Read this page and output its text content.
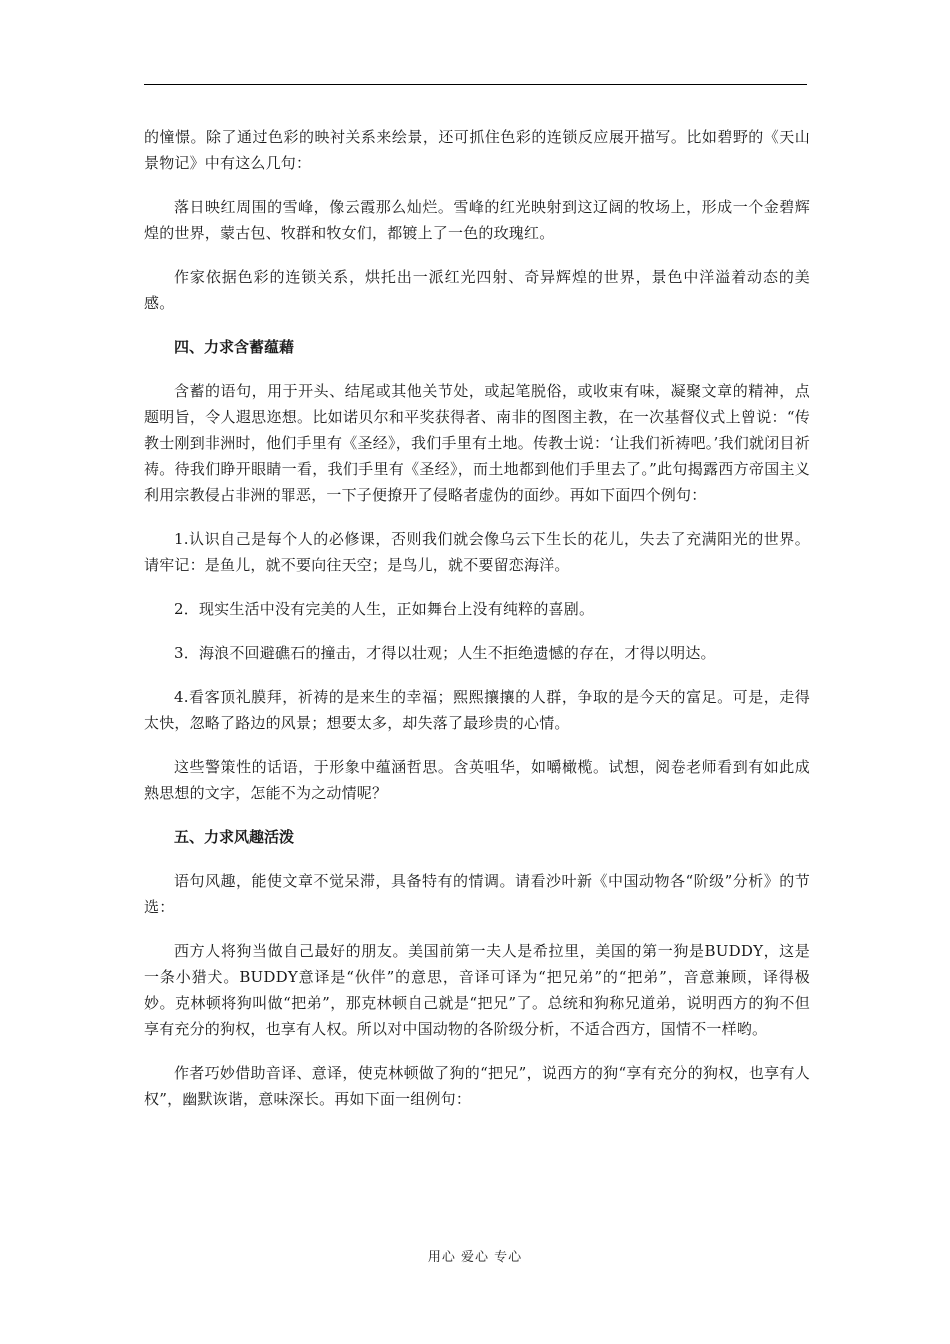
的憧憬。除了通过色彩的映衬关系来绘景，还可抓住色彩的连锁反应展开描写。比如碧野的《天山景物记》中有这么几句：

落日映红周围的雪峰，像云霞那么灿烂。雪峰的红光映射到这辽阔的牧场上，形成一个金碧辉煌的世界，蒙古包、牧群和牧女们，都镀上了一色的玫瑰红。

作家依据色彩的连锁关系，烘托出一派红光四射、奇异辉煌的世界，景色中洋溢着动态的美感。

四、力求含蓄蕴藉

含蓄的语句，用于开头、结尾或其他关节处，或起笔脱俗，或收束有味，凝聚文章的精神，点题明旨，令人遐思迩想。比如诺贝尔和平奖获得者、南非的图图主教，在一次基督仪式上曾说：“传教士刚到非洲时，他们手里有《圣经》，我们手里有土地。传教士说：‘让我们祈祷吧。’我们就闭目祈祷。待我们睁开眼睛一看，我们手里有《圣经》，而土地都到他们手里去了。”此句揭露西方帝国主义利用宗教侵占非洲的罪恶，一下子便撩开了侵略者虚伪的面纱。再如下面四个例句：

1.认识自己是每个人的必修课，否则我们就会像乌云下生长的花儿，失去了充满阳光的世界。请牢记：是鱼儿，就不要向往天空；是鸟儿，就不要留恋海洋。

2．现实生活中没有完美的人生，正如舞台上没有纯粹的喜剧。

3．海浪不回避礁石的撞击，才得以壮观；人生不拒绝遗憾的存在，才得以明达。

4.看客顶礼膜拜，祈祷的是来生的幸福；熙熙攘攘的人群，争取的是今天的富足。可是，走得太快，忽略了路边的风景；想要太多，却失落了最珍贵的心情。

这些警策性的话语，于形象中蕴涵哲思。含英咀华，如嚼橄榄。试想，阅卷老师看到有如此成熟思想的文字，怎能不为之动情呢？

五、力求风趣活泼

语句风趣，能使文章不觉呆滞，具备特有的情调。请看沙叶新《中国动物各“阶级”分析》的节选：

西方人将狗当做自己最好的朋友。美国前第一夫人是希拉里，美国的第一狗是BUDDY，这是一条小猎犬。BUDDY意译是“伙伴”的意思，音译可译为“把兄弟”的“把弟”，音意兼顾，译得极妙。克林顿将狗叫做“把弟”，那克林顿自己就是“把兄”了。总统和狗称兄道弟，说明西方的狗不但享有充分的狗权，也享有人权。所以对中国动物的各阶级分析，不适合西方，国情不一样哟。

作者巧妙借助音译、意译，使克林顿做了狗的“把兄”，说西方的狗“享有充分的狗权，也享有人权”，幽默诙谐，意味深长。再如下面一组例句：

用心 爱心 专心
